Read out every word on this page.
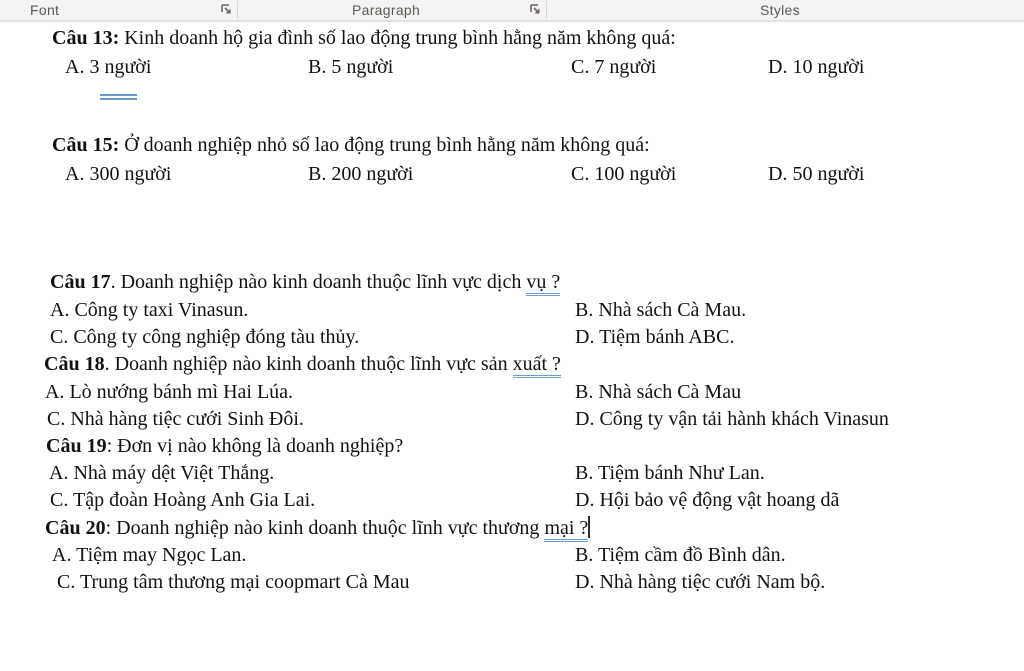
Font	Paragraph	Styles
Câu 13: Kinh doanh hộ gia đình số lao động trung bình hằng năm không quá:
A. 3 người	B. 5 người	C. 7 người	D. 10 người
Câu 15: Ở doanh nghiệp nhỏ số lao động trung bình hằng năm không quá:
A. 300 người	B. 200 người	C. 100 người	D. 50 người
Câu 17. Doanh nghiệp nào kinh doanh thuộc lĩnh vực dịch vụ ?
A. Công ty taxi Vinasun.	B. Nhà sách Cà Mau.
C. Công ty công nghiệp đóng tàu thủy.	D. Tiệm bánh ABC.
Câu 18. Doanh nghiệp nào kinh doanh thuộc lĩnh vực sản xuất ?
A. Lò nướng bánh mì Hai Lúa.	B. Nhà sách Cà Mau
C. Nhà hàng tiệc cưới Sinh Đôi.	D. Công ty vận tải hành khách Vinasun
Câu 19: Đơn vị nào không là doanh nghiệp?
A. Nhà máy dệt Việt Thắng.	B. Tiệm bánh Như Lan.
C. Tập đoàn Hoàng Anh Gia Lai.	D. Hội bảo vệ động vật hoang dã
Câu 20: Doanh nghiệp nào kinh doanh thuộc lĩnh vực thương mại ?
A. Tiệm may Ngọc Lan.	B. Tiệm cầm đồ Bình dân.
C. Trung tâm thương mại coopmart Cà Mau	D. Nhà hàng tiệc cưới Nam bộ.
